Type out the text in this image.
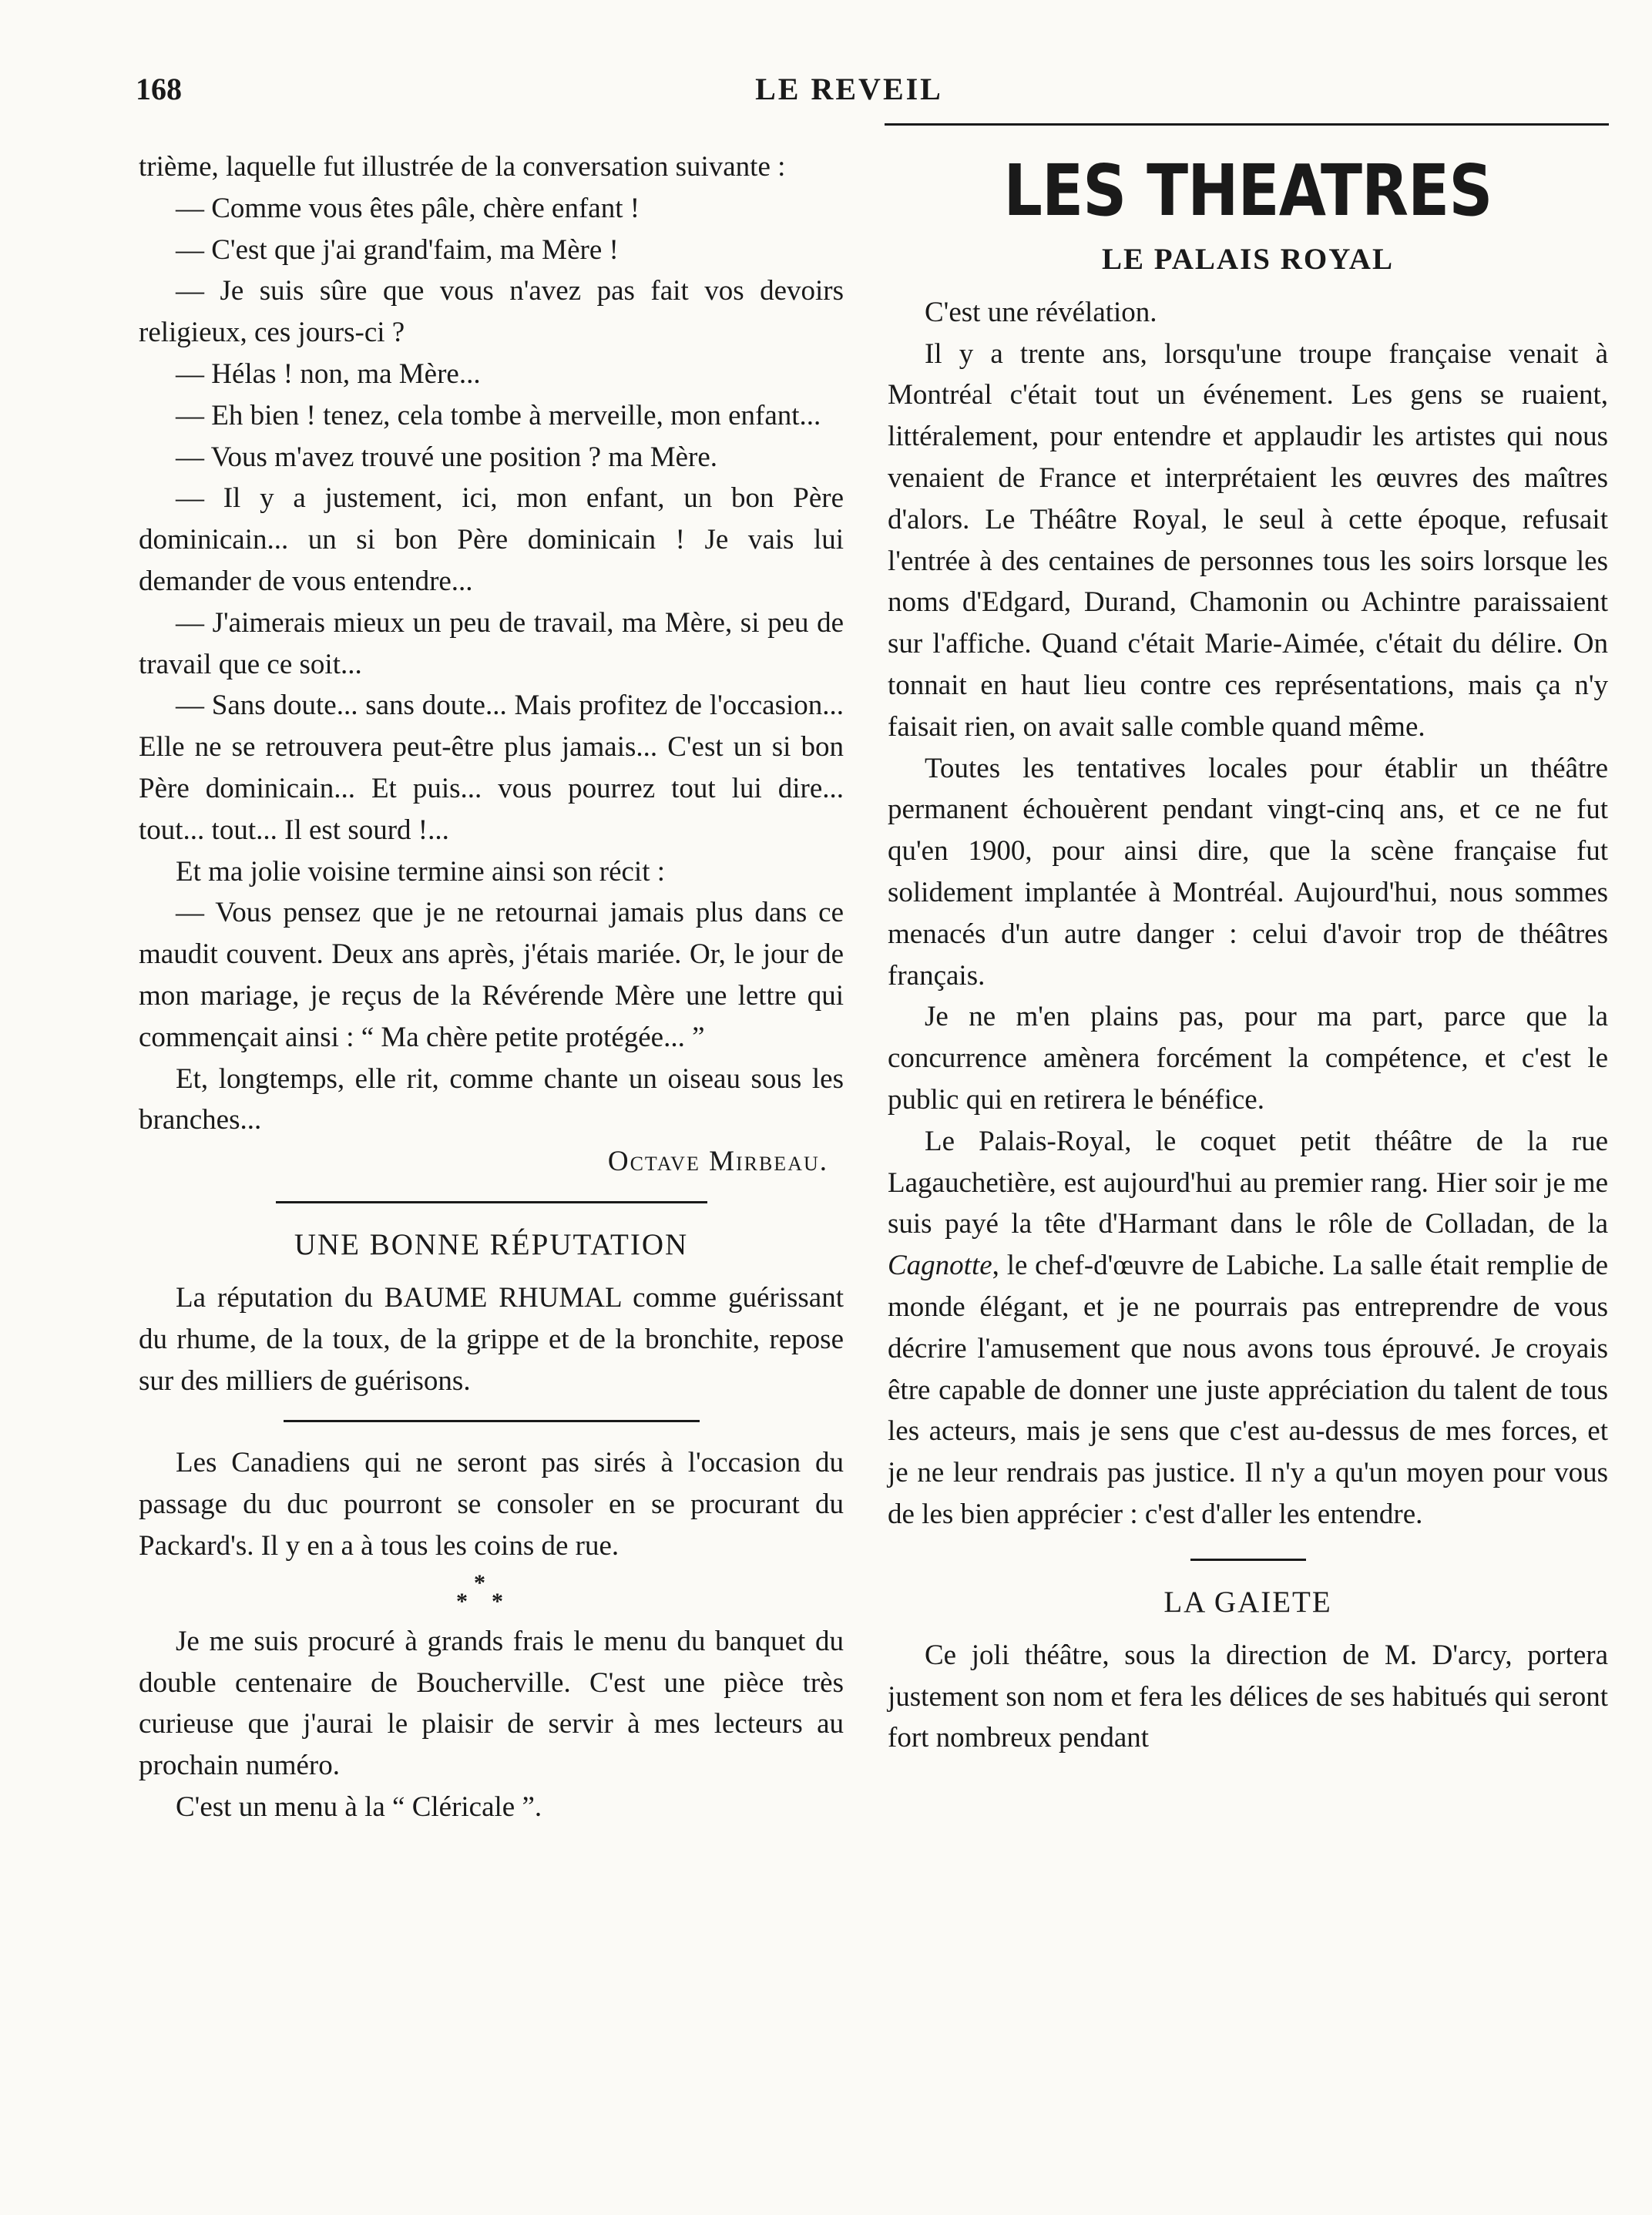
168	LE REVEIL

trième, laquelle fut illustrée de la conversation suivante :

— Comme vous êtes pâle, chère enfant !

— C'est que j'ai grand'faim, ma Mère !

— Je suis sûre que vous n'avez pas fait vos devoirs religieux, ces jours-ci ?

— Hélas ! non, ma Mère...

— Eh bien ! tenez, cela tombe à merveille, mon enfant...

— Vous m'avez trouvé une position ? ma Mère.

— Il y a justement, ici, mon enfant, un bon Père dominicain... un si bon Père dominicain ! Je vais lui demander de vous entendre...

— J'aimerais mieux un peu de travail, ma Mère, si peu de travail que ce soit...

— Sans doute... sans doute... Mais profitez de l'occasion... Elle ne se retrouvera peut-être plus jamais... C'est un si bon Père dominicain... Et puis... vous pourrez tout lui dire... tout... tout... Il est sourd !...

Et ma jolie voisine termine ainsi son récit :

— Vous pensez que je ne retournai jamais plus dans ce maudit couvent. Deux ans après, j'étais mariée. Or, le jour de mon mariage, je reçus de la Révérende Mère une lettre qui commençait ainsi : “ Ma chère petite protégée... ”

Et, longtemps, elle rit, comme chante un oiseau sous les branches...

Octave Mirbeau.

UNE BONNE RÉPUTATION

La réputation du BAUME RHUMAL comme guérissant du rhume, de la toux, de la grippe et de la bronchite, repose sur des milliers de guérisons.

Les Canadiens qui ne seront pas sirés à l'occasion du passage du duc pourront se consoler en se procurant du Packard's. Il y en a à tous les coins de rue.

*
* *

Je me suis procuré à grands frais le menu du banquet du double centenaire de Boucherville. C'est une pièce très curieuse que j'aurai le plaisir de servir à mes lecteurs au prochain numéro.

C'est un menu à la “ Cléricale ”.

LES THEATRES
LE PALAIS ROYAL

C'est une révélation.

Il y a trente ans, lorsqu'une troupe française venait à Montréal c'était tout un événement. Les gens se ruaient, littéralement, pour entendre et applaudir les artistes qui nous venaient de France et interprétaient les œuvres des maîtres d'alors. Le Théâtre Royal, le seul à cette époque, refusait l'entrée à des centaines de personnes tous les soirs lorsque les noms d'Edgard, Durand, Chamonin ou Achintre paraissaient sur l'affiche. Quand c'était Marie-Aimée, c'était du délire. On tonnait en haut lieu contre ces représentations, mais ça n'y faisait rien, on avait salle comble quand même.

Toutes les tentatives locales pour établir un théâtre permanent échouèrent pendant vingt-cinq ans, et ce ne fut qu'en 1900, pour ainsi dire, que la scène française fut solidement implantée à Montréal. Aujourd'hui, nous sommes menacés d'un autre danger : celui d'avoir trop de théâtres français.

Je ne m'en plains pas, pour ma part, parce que la concurrence amènera forcément la compétence, et c'est le public qui en retirera le bénéfice.

Le Palais-Royal, le coquet petit théâtre de la rue Lagauchetière, est aujourd'hui au premier rang. Hier soir je me suis payé la tête d'Harmant dans le rôle de Colladan, de la Cagnotte, le chef-d'œuvre de Labiche. La salle était remplie de monde élégant, et je ne pourrais pas entreprendre de vous décrire l'amusement que nous avons tous éprouvé. Je croyais être capable de donner une juste appréciation du talent de tous les acteurs, mais je sens que c'est au-dessus de mes forces, et je ne leur rendrais pas justice. Il n'y a qu'un moyen pour vous de les bien apprécier : c'est d'aller les entendre.

LA GAIETE

Ce joli théâtre, sous la direction de M. D'arcy, portera justement son nom et fera les délices de ses habitués qui seront fort nombreux pendant
